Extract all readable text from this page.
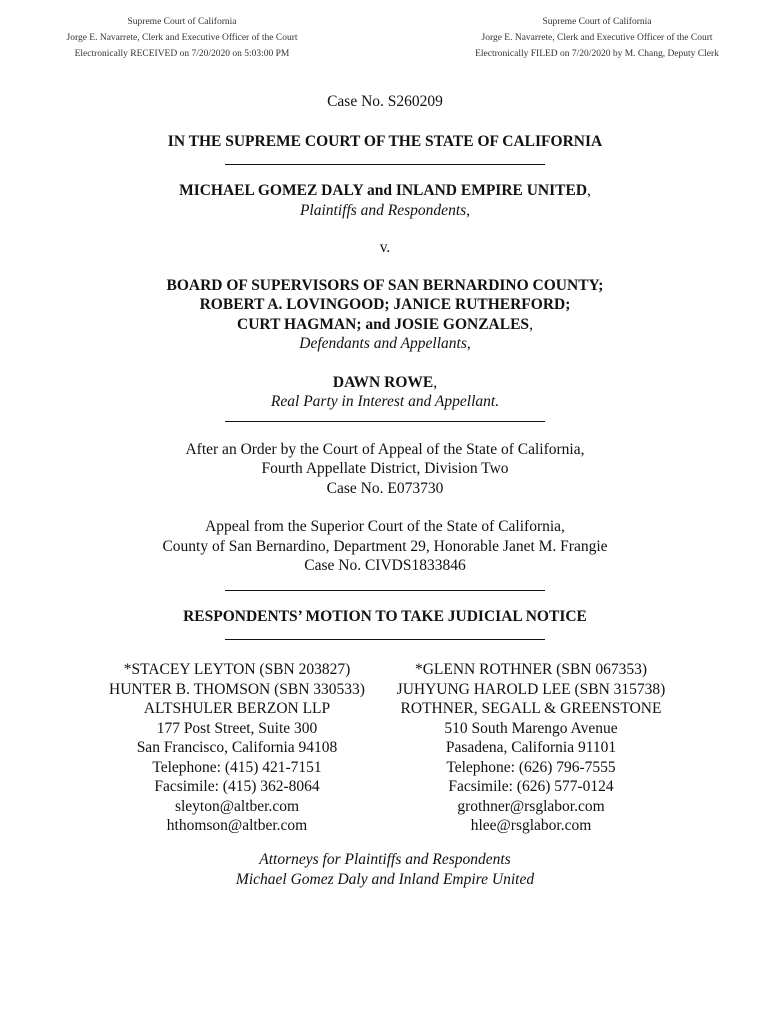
Supreme Court of California
Jorge E. Navarrete, Clerk and Executive Officer of the Court
Electronically RECEIVED on 7/20/2020 on 5:03:00 PM
Supreme Court of California
Jorge E. Navarrete, Clerk and Executive Officer of the Court
Electronically FILED on 7/20/2020 by M. Chang, Deputy Clerk

Case No. S260209

IN THE SUPREME COURT OF THE STATE OF CALIFORNIA

MICHAEL GOMEZ DALY and INLAND EMPIRE UNITED,
Plaintiffs and Respondents,

v.

BOARD OF SUPERVISORS OF SAN BERNARDINO COUNTY;
ROBERT A. LOVINGOOD; JANICE RUTHERFORD;
CURT HAGMAN; and JOSIE GONZALES,
Defendants and Appellants,

DAWN ROWE,
Real Party in Interest and Appellant.

After an Order by the Court of Appeal of the State of California,
Fourth Appellate District, Division Two
Case No. E073730

Appeal from the Superior Court of the State of California,
County of San Bernardino, Department 29, Honorable Janet M. Frangie
Case No. CIVDS1833846

RESPONDENTS’ MOTION TO TAKE JUDICIAL NOTICE

*STACEY LEYTON (SBN 203827)
HUNTER B. THOMSON (SBN 330533)
ALTSHULER BERZON LLP
177 Post Street, Suite 300
San Francisco, California 94108
Telephone: (415) 421-7151
Facsimile: (415) 362-8064
sleyton@altber.com
hthomson@altber.com
*GLENN ROTHNER (SBN 067353)
JUHYUNG HAROLD LEE (SBN 315738)
ROTHNER, SEGALL & GREENSTONE
510 South Marengo Avenue
Pasadena, California 91101
Telephone: (626) 796-7555
Facsimile: (626) 577-0124
grothner@rsglabor.com
hlee@rsglabor.com

Attorneys for Plaintiffs and Respondents
Michael Gomez Daly and Inland Empire United
